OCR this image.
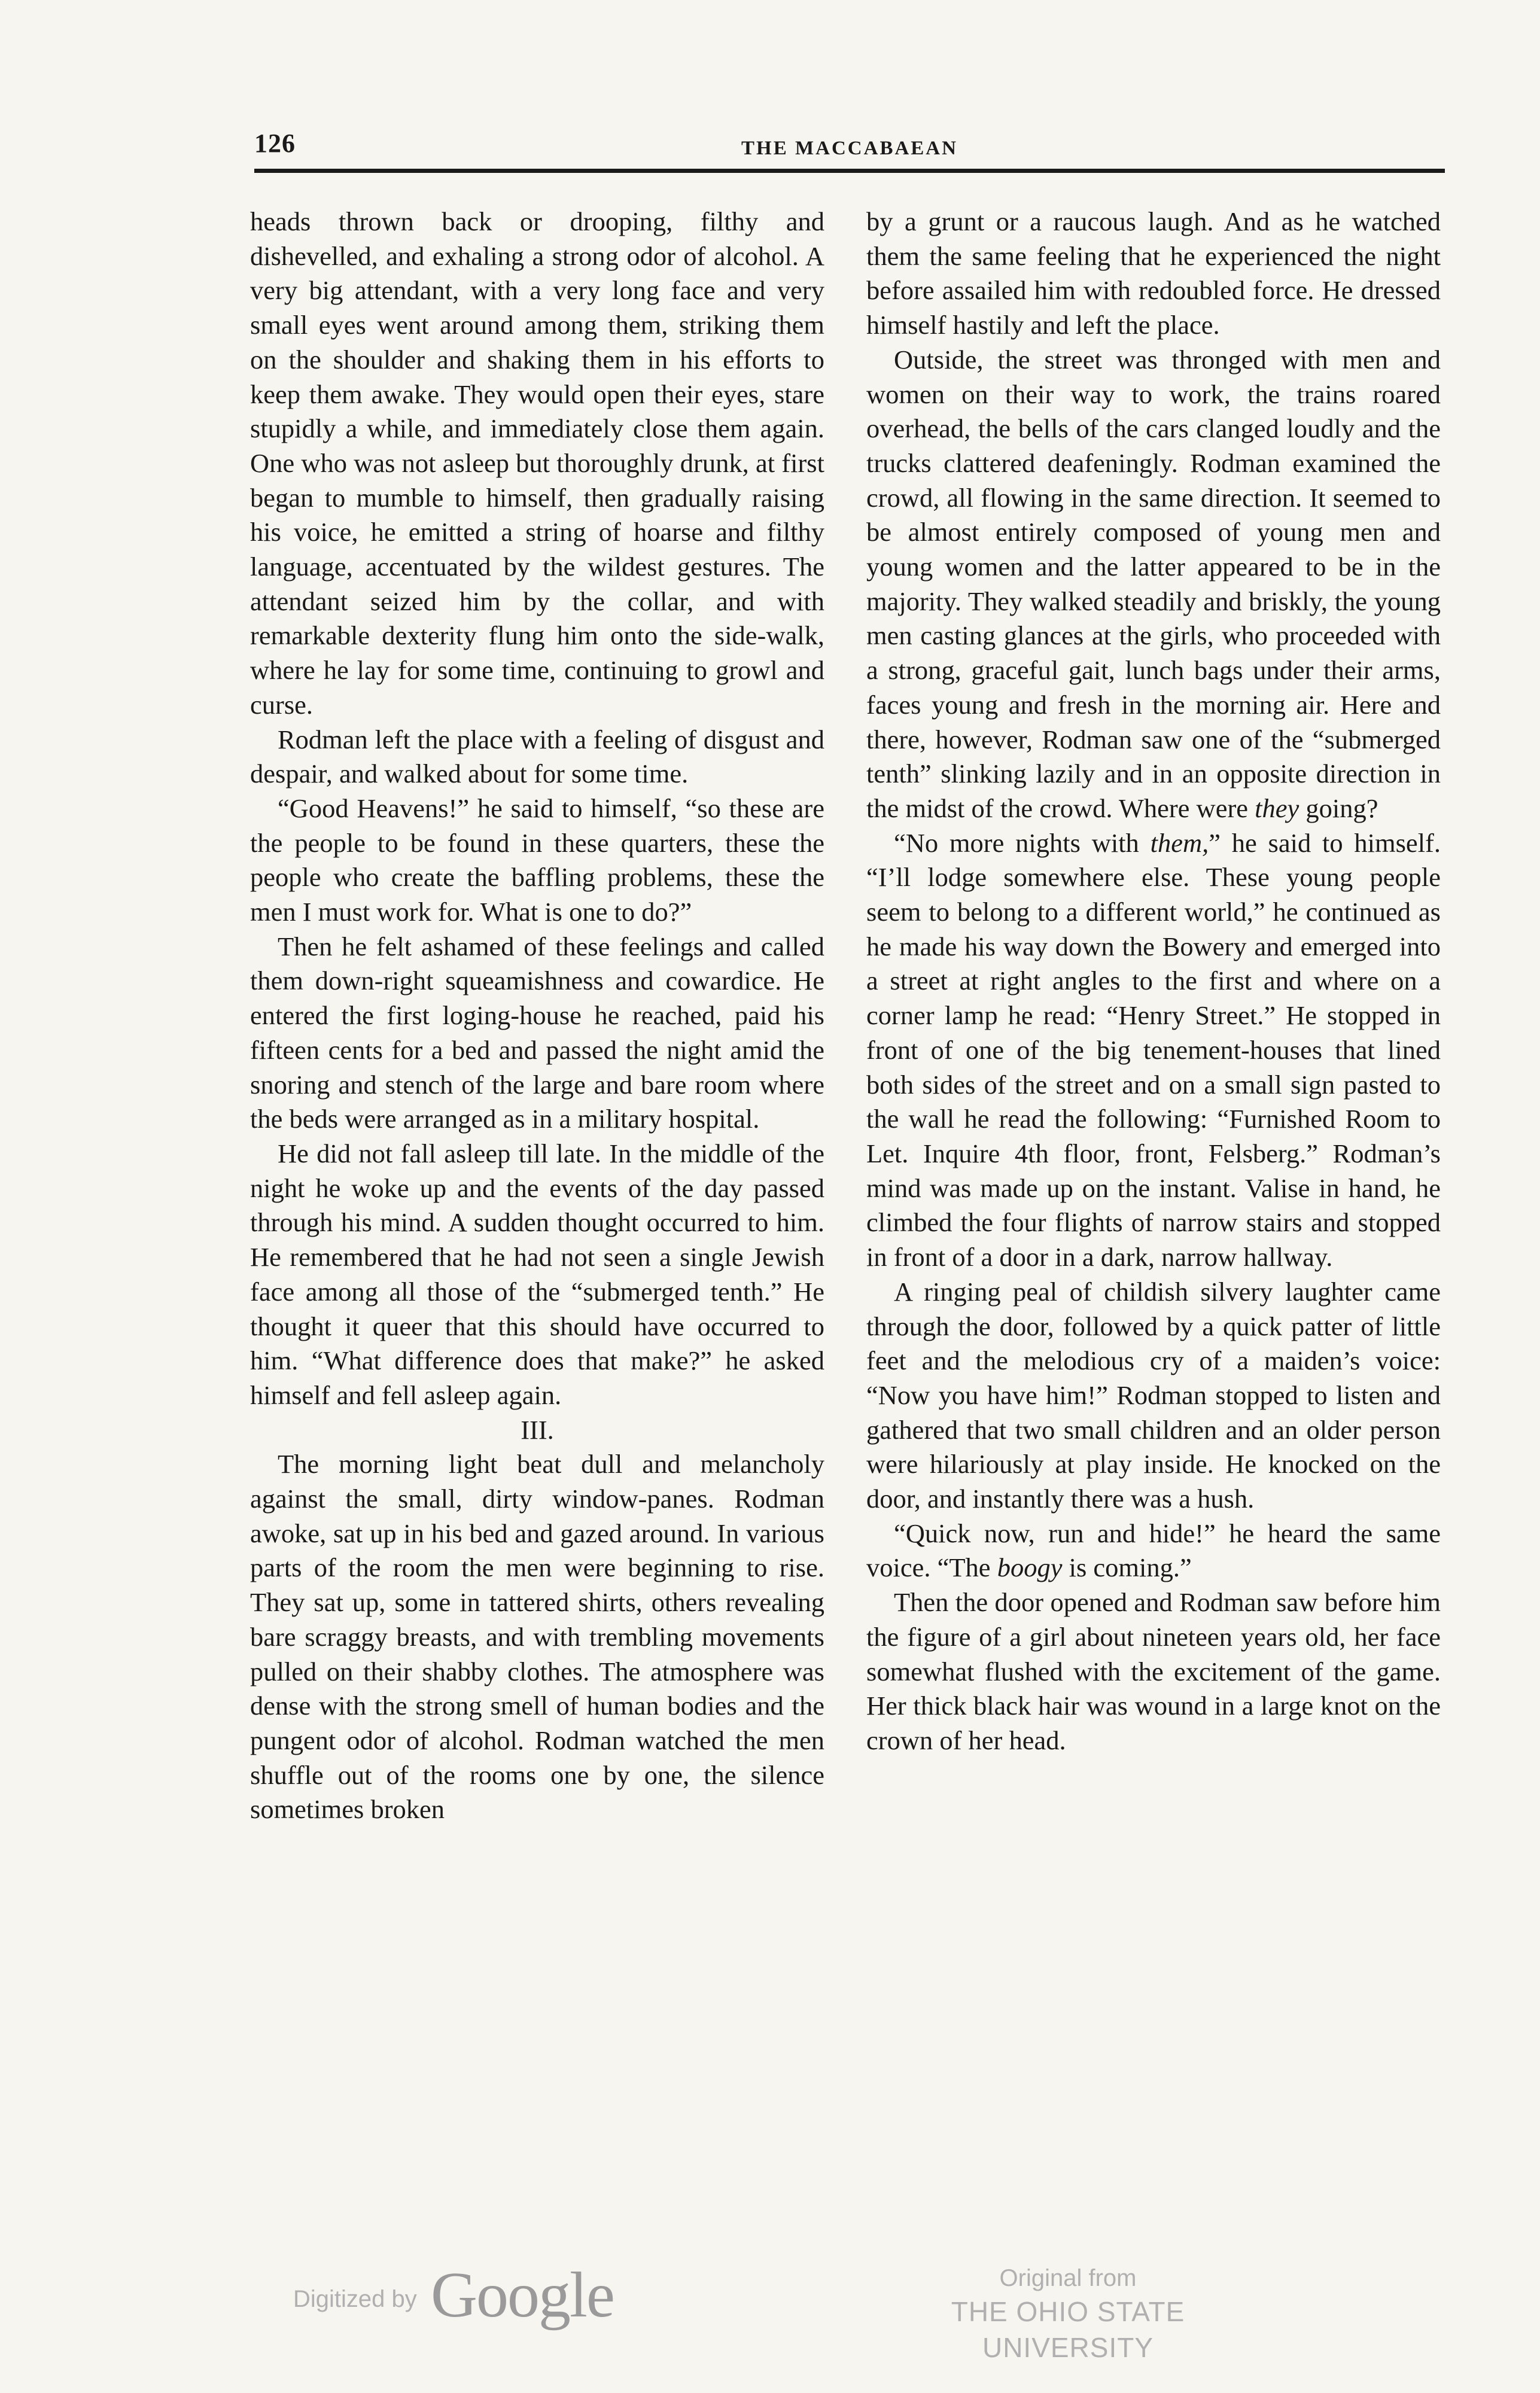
126	THE MACCABAEAN

heads thrown back or drooping, filthy and dishevelled, and exhaling a strong odor of alcohol. A very big attendant, with a very long face and very small eyes went around among them, striking them on the shoulder and shaking them in his efforts to keep them awake. They would open their eyes, stare stupidly a while, and immediately close them again. One who was not asleep but thoroughly drunk, at first began to mumble to himself, then gradually raising his voice, he emitted a string of hoarse and filthy language, accentuated by the wildest gestures. The attendant seized him by the collar, and with remarkable dexterity flung him onto the side-walk, where he lay for some time, continuing to growl and curse.

Rodman left the place with a feeling of disgust and despair, and walked about for some time.

“Good Heavens!” he said to himself, “so these are the people to be found in these quarters, these the people who create the baffling problems, these the men I must work for. What is one to do?”

Then he felt ashamed of these feelings and called them down-right squeamishness and cowardice. He entered the first loging-house he reached, paid his fifteen cents for a bed and passed the night amid the snoring and stench of the large and bare room where the beds were arranged as in a military hospital.

He did not fall asleep till late. In the middle of the night he woke up and the events of the day passed through his mind. A sudden thought occurred to him. He remembered that he had not seen a single Jewish face among all those of the “submerged tenth.” He thought it queer that this should have occurred to him. “What difference does that make?” he asked himself and fell asleep again.

III.

The morning light beat dull and melancholy against the small, dirty window-panes. Rodman awoke, sat up in his bed and gazed around. In various parts of the room the men were beginning to rise. They sat up, some in tattered shirts, others revealing bare scraggy breasts, and with trembling movements pulled on their shabby clothes. The atmosphere was dense with the strong smell of human bodies and the pungent odor of alcohol. Rodman watched the men shuffle out of the rooms one by one, the silence sometimes broken

by a grunt or a raucous laugh. And as he watched them the same feeling that he experienced the night before assailed him with redoubled force. He dressed himself hastily and left the place.

Outside, the street was thronged with men and women on their way to work, the trains roared overhead, the bells of the cars clanged loudly and the trucks clattered deafeningly. Rodman examined the crowd, all flowing in the same direction. It seemed to be almost entirely composed of young men and young women and the latter appeared to be in the majority. They walked steadily and briskly, the young men casting glances at the girls, who proceeded with a strong, graceful gait, lunch bags under their arms, faces young and fresh in the morning air. Here and there, however, Rodman saw one of the “submerged tenth” slinking lazily and in an opposite direction in the midst of the crowd. Where were they going?

“No more nights with them,” he said to himself. “I’ll lodge somewhere else. These young people seem to belong to a different world,” he continued as he made his way down the Bowery and emerged into a street at right angles to the first and where on a corner lamp he read: “Henry Street.” He stopped in front of one of the big tenement-houses that lined both sides of the street and on a small sign pasted to the wall he read the following: “Furnished Room to Let. Inquire 4th floor, front, Felsberg.” Rodman’s mind was made up on the instant. Valise in hand, he climbed the four flights of narrow stairs and stopped in front of a door in a dark, narrow hallway.

A ringing peal of childish silvery laughter came through the door, followed by a quick patter of little feet and the melodious cry of a maiden’s voice: “Now you have him!” Rodman stopped to listen and gathered that two small children and an older person were hilariously at play inside. He knocked on the door, and instantly there was a hush.

“Quick now, run and hide!” he heard the same voice. “The boogy is coming.”

Then the door opened and Rodman saw before him the figure of a girl about nineteen years old, her face somewhat flushed with the excitement of the game. Her thick black hair was wound in a large knot on the crown of her head.

Digitized by Google	Original from
THE OHIO STATE UNIVERSITY
